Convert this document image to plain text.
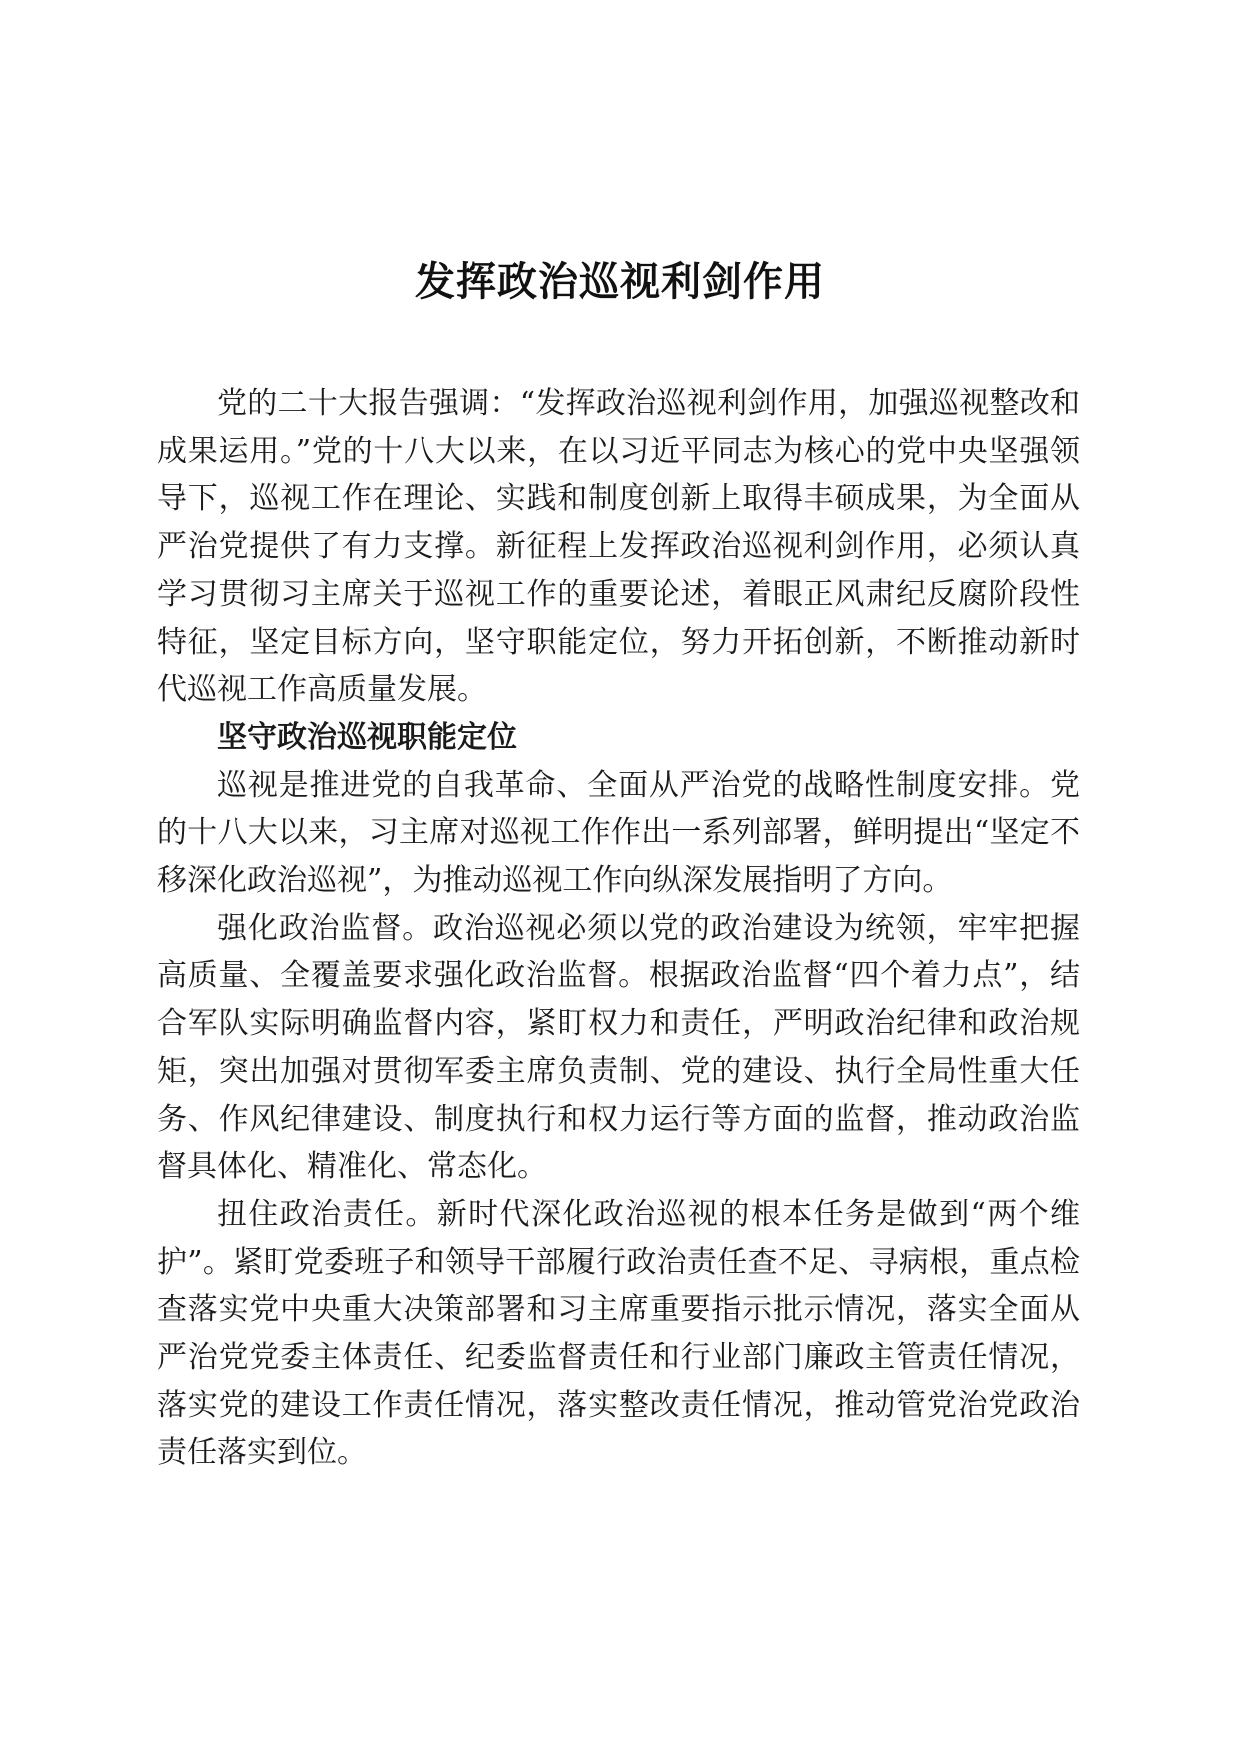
发挥政治巡视利剑作用

党的二十大报告强调：“发挥政治巡视利剑作用，加强巡视整改和成果运用。”党的十八大以来，在以习近平同志为核心的党中央坚强领导下，巡视工作在理论、实践和制度创新上取得丰硕成果，为全面从严治党提供了有力支撑。新征程上发挥政治巡视利剑作用，必须认真学习贯彻习主席关于巡视工作的重要论述，着眼正风肃纪反腐阶段性特征，坚定目标方向，坚守职能定位，努力开拓创新，不断推动新时代巡视工作高质量发展。

坚守政治巡视职能定位

巡视是推进党的自我革命、全面从严治党的战略性制度安排。党的十八大以来，习主席对巡视工作作出一系列部署，鲜明提出“坚定不移深化政治巡视”，为推动巡视工作向纵深发展指明了方向。

强化政治监督。政治巡视必须以党的政治建设为统领，牢牢把握高质量、全覆盖要求强化政治监督。根据政治监督“四个着力点”，结合军队实际明确监督内容，紧盯权力和责任，严明政治纪律和政治规矩，突出加强对贯彻军委主席负责制、党的建设、执行全局性重大任务、作风纪律建设、制度执行和权力运行等方面的监督，推动政治监督具体化、精准化、常态化。

扭住政治责任。新时代深化政治巡视的根本任务是做到“两个维护”。紧盯党委班子和领导干部履行政治责任查不足、寻病根，重点检查落实党中央重大决策部署和习主席重要指示批示情况，落实全面从严治党党委主体责任、纪委监督责任和行业部门廉政主管责任情况，落实党的建设工作责任情况，落实整改责任情况，推动管党治党政治责任落实到位。
